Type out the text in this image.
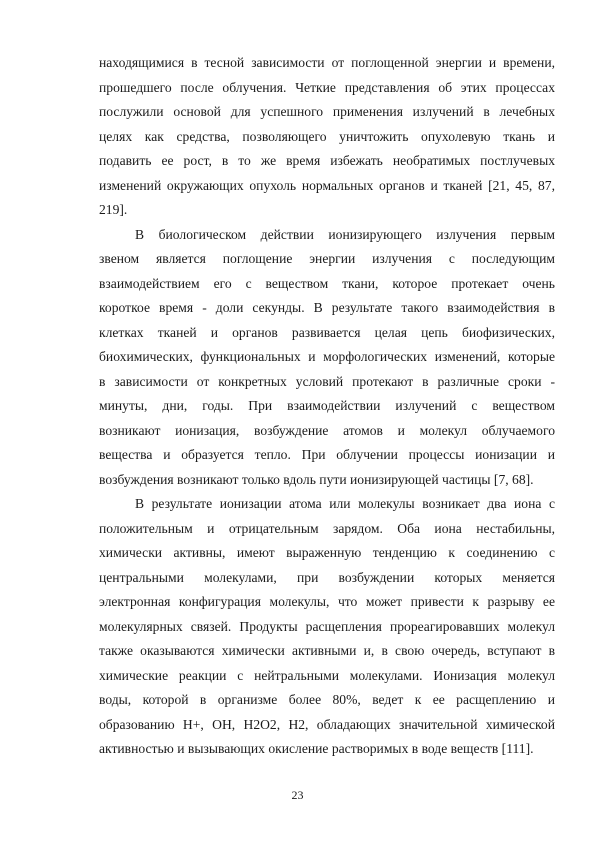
находящимися в тесной зависимости от поглощенной энергии и времени,
прошедшего после облучения. Четкие представления об этих процессах
послужили основой для успешного применения излучений в лечебных
целях как средства, позволяющего уничтожить опухолевую ткань и
подавить ее рост, в то же время избежать необратимых постлучевых
изменений окружающих опухоль нормальных органов и тканей [21, 45, 87,
219].
В биологическом действии ионизирующего излучения первым
звеном является поглощение энергии излучения с последующим
взаимодействием его с веществом ткани, которое протекает очень
короткое время - доли секунды. В результате такого взаимодействия в
клетках тканей и органов развивается целая цепь биофизических,
биохимических, функциональных и морфологических изменений, которые
в зависимости от конкретных условий протекают в различные сроки -
минуты, дни, годы. При взаимодействии излучений с веществом
возникают ионизация, возбуждение атомов и молекул облучаемого
вещества и образуется тепло. При облучении процессы ионизации и
возбуждения возникают только вдоль пути ионизирующей частицы [7, 68].
В результате ионизации атома или молекулы возникает два иона с
положительным и отрицательным зарядом. Оба иона нестабильны,
химически активны, имеют выраженную тенденцию к соединению с
центральными молекулами, при возбуждении которых меняется
электронная конфигурация молекулы, что может привести к разрыву ее
молекулярных связей. Продукты расщепления прореагировавших молекул
также оказываются химически активными и, в свою очередь, вступают в
химические реакции с нейтральными молекулами. Ионизация молекул
воды, которой в организме более 80%, ведет к ее расщеплению и
образованию H+, OH, H2O2, H2, обладающих значительной химической
активностью и вызывающих окисление растворимых в воде веществ [111].
23
